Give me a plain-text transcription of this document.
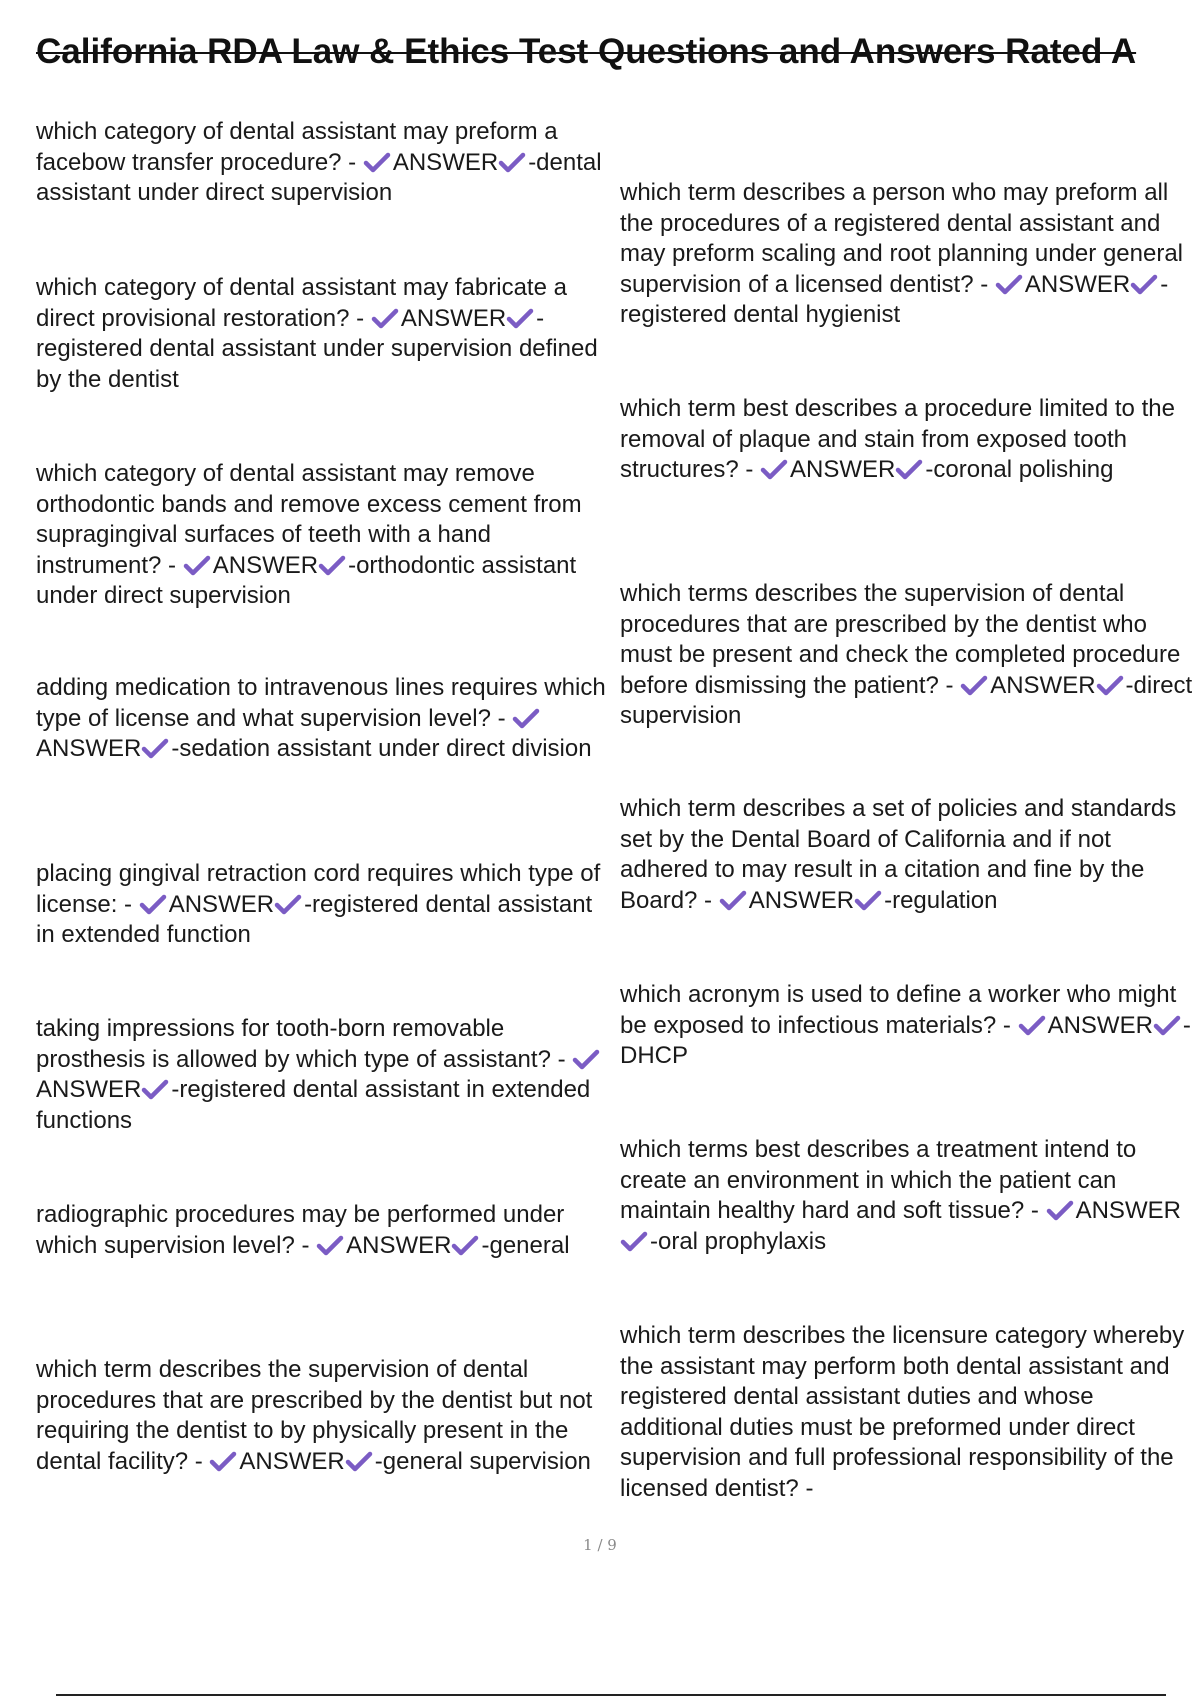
California RDA Law & Ethics Test Questions and Answers Rated A
which category of dental assistant may preform a facebow transfer procedure? - ANSWER -dental assistant under direct supervision
which category of dental assistant may fabricate a direct provisional restoration? - ANSWER -registered dental assistant under supervision defined by the dentist
which category of dental assistant may remove orthodontic bands and remove excess cement from supragingival surfaces of teeth with a hand instrument? - ANSWER -orthodontic assistant under direct supervision
adding medication to intravenous lines requires which type of license and what supervision level? -
ANSWER -sedation assistant under direct division
placing gingival retraction cord requires which type of license: - ANSWER -registered dental assistant in extended function
taking impressions for tooth-born removable prosthesis is allowed by which type of assistant? -
ANSWER -registered dental assistant in extended functions
radiographic procedures may be performed under which supervision level? - ANSWER -general
which term describes the supervision of dental procedures that are prescribed by the dentist but not requiring the dentist to by physically present in the dental facility? - ANSWER -general supervision
which term describes a person who may preform all the procedures of a registered dental assistant and may preform scaling and root planning under general supervision of a licensed dentist? - ANSWER -registered dental hygienist
which term best describes a procedure limited to the removal of plaque and stain from exposed tooth structures? - ANSWER -coronal polishing
which terms describes the supervision of dental procedures that are prescribed by the dentist who must be present and check the completed procedure before dismissing the patient? - ANSWER -direct supervision
which term describes a set of policies and standards set by the Dental Board of California and if not adhered to may result in a citation and fine by the Board? - ANSWER -regulation
which acronym is used to define a worker who might be exposed to infectious materials? - ANSWER -DHCP
which terms best describes a treatment intend to create an environment in which the patient can maintain healthy hard and soft tissue? - ANSWER
-oral prophylaxis
which term describes the licensure category whereby the assistant may perform both dental assistant and registered dental assistant duties and whose additional duties must be preformed under direct supervision and full professional responsibility of the licensed dentist? -
1 / 9
